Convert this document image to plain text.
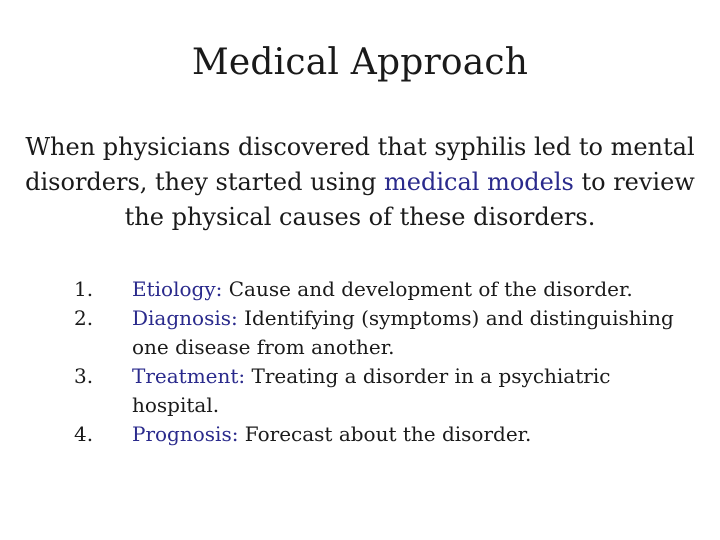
Medical Approach

When physicians discovered that syphilis led to mental disorders, they started using medical models to review the physical causes of these disorders.

1.	Etiology: Cause and development of the disorder.
2.	Diagnosis: Identifying (symptoms) and distinguishing one disease from another.
3.	Treatment: Treating a disorder in a psychiatric hospital.
4.	Prognosis: Forecast about the disorder.
